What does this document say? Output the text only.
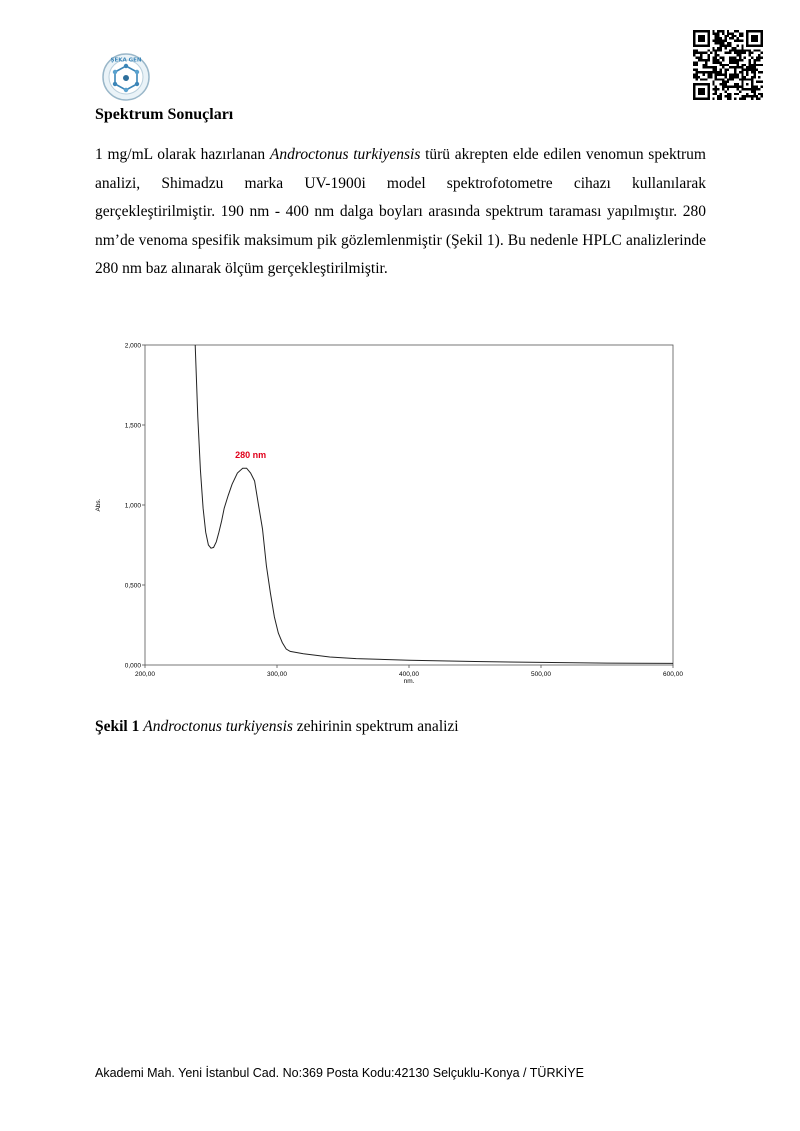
ŞEKA GEN
Spektrum Sonuçları

1 mg/mL olarak hazırlanan Androctonus turkiyensis türü akrepten elde edilen venomun spektrum analizi, Shimadzu marka UV-1900i model spektrofotometre cihazı kullanılarak gerçekleştirilmiştir. 190 nm - 400 nm dalga boyları arasında spektrum taraması yapılmıştır. 280 nm’de venoma spesifik maksimum pik gözlemlenmiştir (Şekil 1). Bu nedenle HPLC analizlerinde 280 nm baz alınarak ölçüm gerçekleştirilmiştir.

0,000
0,500
1,000
1,500
2,000
200,00	300,00	400,00	500,00	600,00
280 nm
nm.
Abs.
Şekil 1 Androctonus turkiyensis zehirinin spektrum analizi
Akademi Mah. Yeni İstanbul Cad. No:369 Posta Kodu:42130 Selçuklu-Konya / TÜRKİYE
